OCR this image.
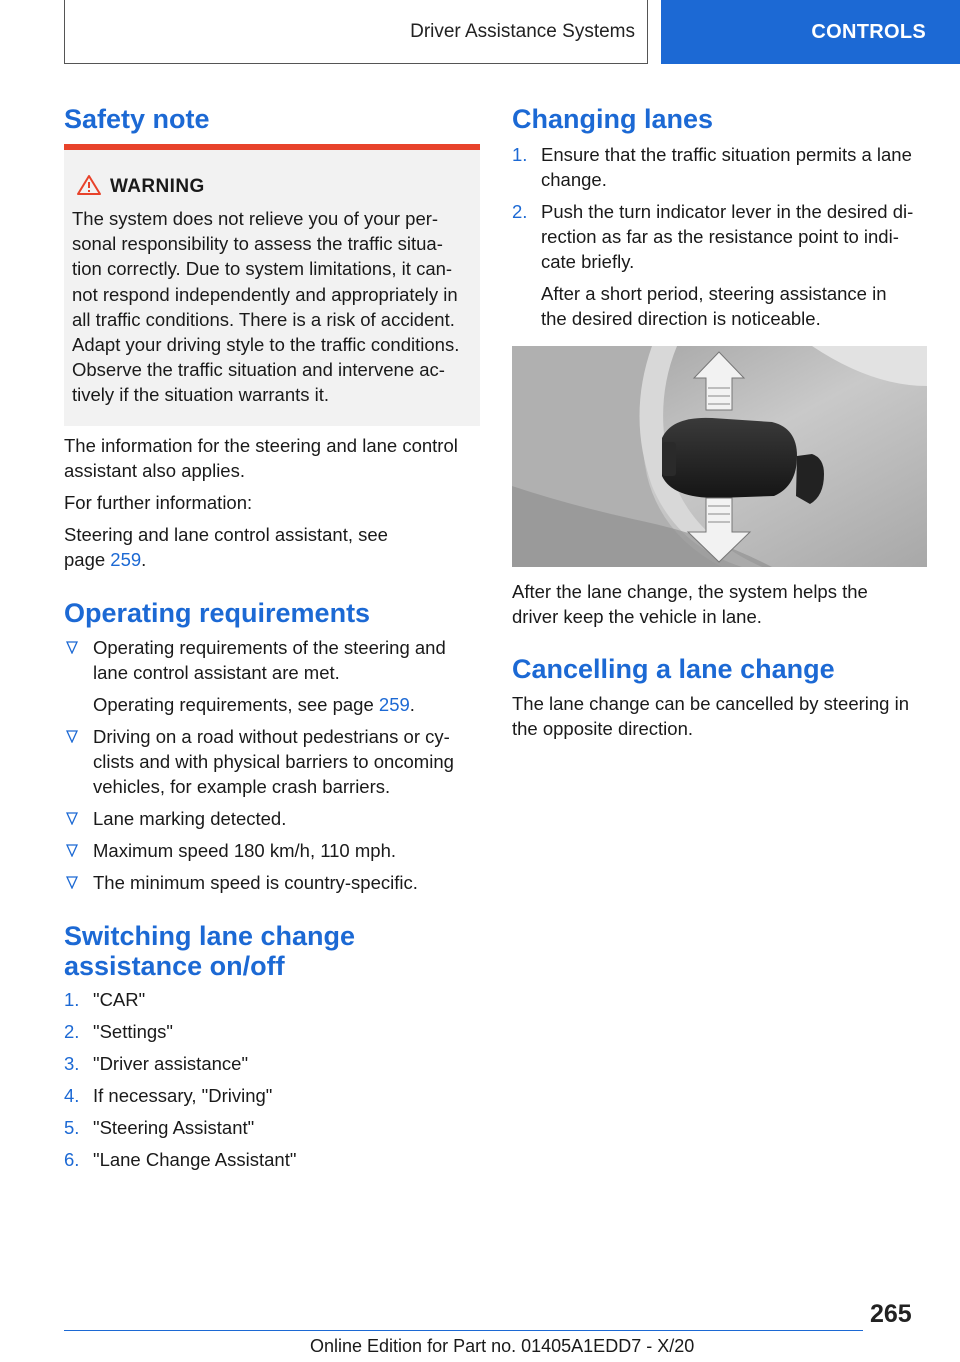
Driver Assistance Systems	CONTROLS
Safety note
WARNING
The system does not relieve you of your per-
sonal responsibility to assess the traffic situa-
tion correctly. Due to system limitations, it can-
not respond independently and appropriately in
all traffic conditions. There is a risk of accident.
Adapt your driving style to the traffic conditions.
Observe the traffic situation and intervene ac-
tively if the situation warrants it.

The information for the steering and lane control
assistant also applies.

For further information:

Steering and lane control assistant, see
page 259.

Operating requirements
Operating requirements of the steering and
lane control assistant are met.
Operating requirements, see page 259.
Driving on a road without pedestrians or cy-
clists and with physical barriers to oncoming
vehicles, for example crash barriers.
Lane marking detected.
Maximum speed 180 km/h, 110 mph.
The minimum speed is country-specific.
Switching lane change
assistance on/off
1. "CAR"
2. "Settings"
3. "Driver assistance"
4. If necessary, "Driving"
5. "Steering Assistant"
6. "Lane Change Assistant"
Changing lanes
1. Ensure that the traffic situation permits a lane
change.
2. Push the turn indicator lever in the desired di-
rection as far as the resistance point to indi-
cate briefly.
After a short period, steering assistance in
the desired direction is noticeable.

After the lane change, the system helps the
driver keep the vehicle in lane.

Cancelling a lane change

The lane change can be cancelled by steering in
the opposite direction.

265
Online Edition for Part no. 01405A1EDD7 - X/20
